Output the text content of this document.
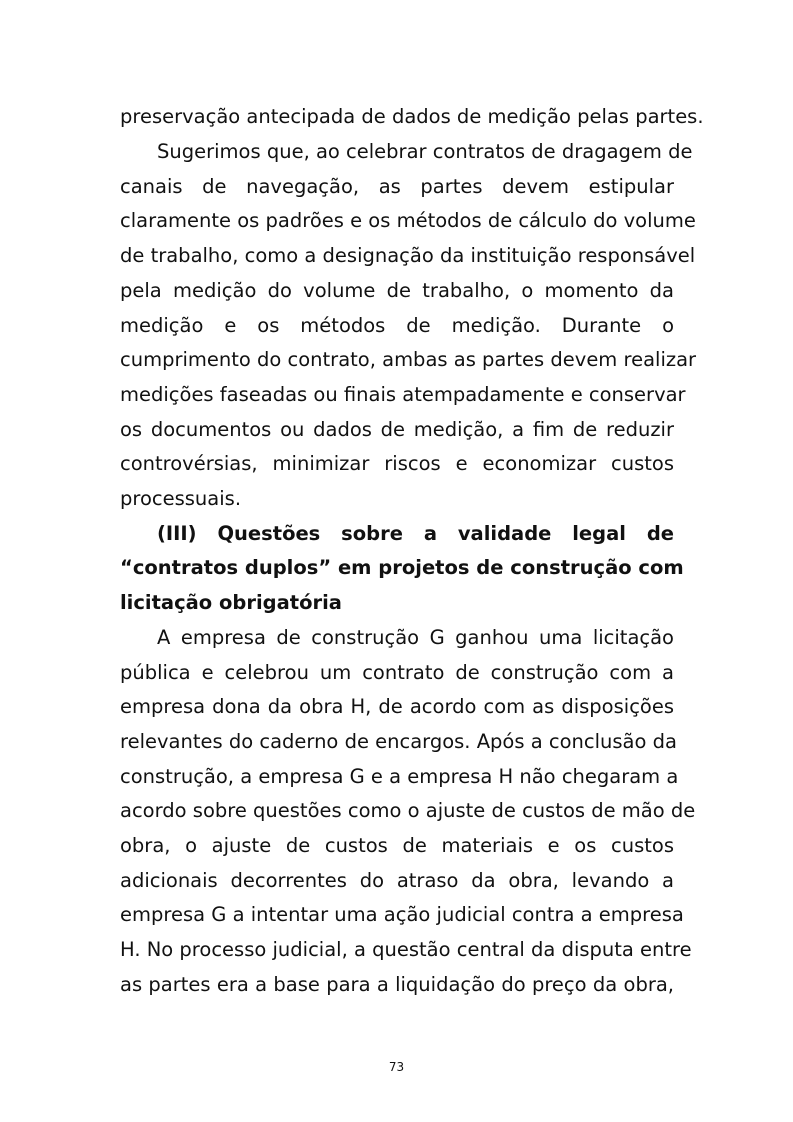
preservação antecipada de dados de medição pelas partes.
Sugerimos que, ao celebrar contratos de dragagem de
canais de navegação, as partes devem estipular
claramente os padrões e os métodos de cálculo do volume
de trabalho, como a designação da instituição responsável
pela medição do volume de trabalho, o momento da
medição e os métodos de medição. Durante o
cumprimento do contrato, ambas as partes devem realizar
medições faseadas ou finais atempadamente e conservar
os documentos ou dados de medição, a fim de reduzir
controvérsias, minimizar riscos e economizar custos
processuais.
(III) Questões sobre a validade legal de
“contratos duplos” em projetos de construção com
licitação obrigatória
A empresa de construção G ganhou uma licitação
pública e celebrou um contrato de construção com a
empresa dona da obra H, de acordo com as disposições
relevantes do caderno de encargos. Após a conclusão da
construção, a empresa G e a empresa H não chegaram a
acordo sobre questões como o ajuste de custos de mão de
obra, o ajuste de custos de materiais e os custos
adicionais decorrentes do atraso da obra, levando a
empresa G a intentar uma ação judicial contra a empresa
H. No processo judicial, a questão central da disputa entre
as partes era a base para a liquidação do preço da obra,
73
